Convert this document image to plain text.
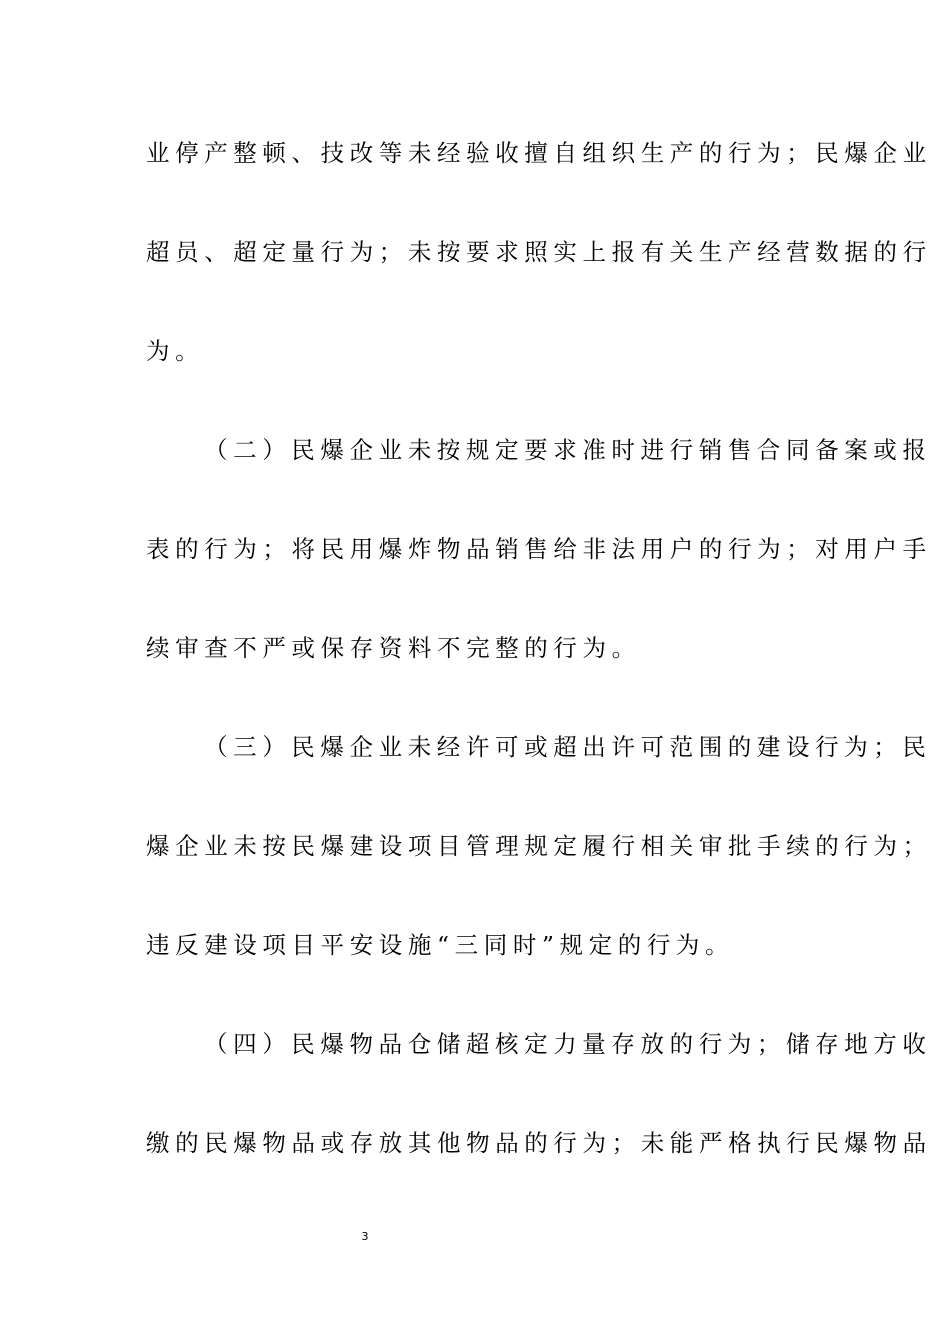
业停产整顿、技改等未经验收擅自组织生产的行为；民爆企业
超员、超定量行为；未按要求照实上报有关生产经营数据的行
为。
（二）民爆企业未按规定要求准时进行销售合同备案或报
表的行为；将民用爆炸物品销售给非法用户的行为；对用户手
续审查不严或保存资料不完整的行为。
（三）民爆企业未经许可或超出许可范围的建设行为；民
爆企业未按民爆建设项目管理规定履行相关审批手续的行为；
违反建设项目平安设施“三同时”规定的行为。
（四）民爆物品仓储超核定力量存放的行为；储存地方收
缴的民爆物品或存放其他物品的行为；未能严格执行民爆物品
3
